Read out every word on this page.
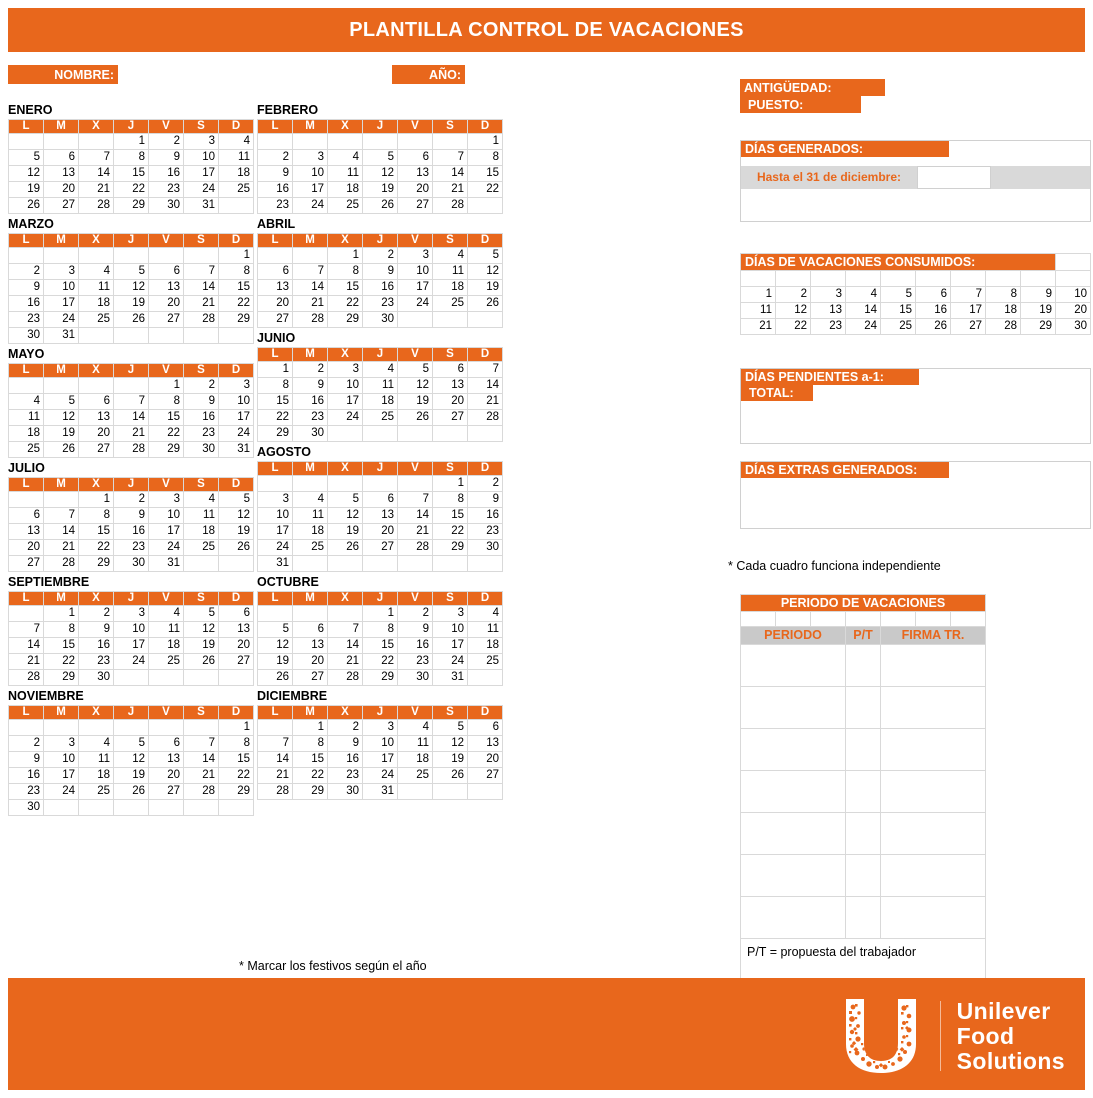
PLANTILLA CONTROL DE VACACIONES
NOMBRE:	AÑO:
ANTIGÜEDAD:
PUESTO:
ENERO
L	M	X	J	V	S	D
			1	2	3	4
5	6	7	8	9	10	11
12	13	14	15	16	17	18
19	20	21	22	23	24	25
26	27	28	29	30	31	
MARZO
L	M	X	J	V	S	D
						1
2	3	4	5	6	7	8
9	10	11	12	13	14	15
16	17	18	19	20	21	22
23	24	25	26	27	28	29
30	31					
MAYO
L	M	X	J	V	S	D
				1	2	3
4	5	6	7	8	9	10
11	12	13	14	15	16	17
18	19	20	21	22	23	24
25	26	27	28	29	30	31
JULIO
L	M	X	J	V	S	D
		1	2	3	4	5
6	7	8	9	10	11	12
13	14	15	16	17	18	19
20	21	22	23	24	25	26
27	28	29	30	31		
SEPTIEMBRE
L	M	X	J	V	S	D
	1	2	3	4	5	6
7	8	9	10	11	12	13
14	15	16	17	18	19	20
21	22	23	24	25	26	27
28	29	30				
NOVIEMBRE
L	M	X	J	V	S	D
						1
2	3	4	5	6	7	8
9	10	11	12	13	14	15
16	17	18	19	20	21	22
23	24	25	26	27	28	29
30						
FEBRERO
L	M	X	J	V	S	D
						1
2	3	4	5	6	7	8
9	10	11	12	13	14	15
16	17	18	19	20	21	22
23	24	25	26	27	28	
ABRIL
L	M	X	J	V	S	D
		1	2	3	4	5
6	7	8	9	10	11	12
13	14	15	16	17	18	19
20	21	22	23	24	25	26
27	28	29	30			
JUNIO
L	M	X	J	V	S	D
1	2	3	4	5	6	7
8	9	10	11	12	13	14
15	16	17	18	19	20	21
22	23	24	25	26	27	28
29	30					
AGOSTO
L	M	X	J	V	S	D
					1	2
3	4	5	6	7	8	9
10	11	12	13	14	15	16
17	18	19	20	21	22	23
24	25	26	27	28	29	30
31						
OCTUBRE
L	M	X	J	V	S	D
			1	2	3	4
5	6	7	8	9	10	11
12	13	14	15	16	17	18
19	20	21	22	23	24	25
26	27	28	29	30	31	
DICIEMBRE
L	M	X	J	V	S	D
	1	2	3	4	5	6
7	8	9	10	11	12	13
14	15	16	17	18	19	20
21	22	23	24	25	26	27
28	29	30	31			
DÍAS GENERADOS:
Hasta el 31 de diciembre:
DÍAS DE VACACIONES CONSUMIDOS:									

1	2	3	4	5	6	7	8	9	10
11	12	13	14	15	16	17	18	19	20
21	22	23	24	25	26	27	28	29	30
DÍAS PENDIENTES a-1:
TOTAL:
DÍAS EXTRAS GENERADOS:
* Cada cuadro funciona independiente
* Marcar los festivos según el año
PERIODO DE VACACIONES						

PERIODO			P/T	FIRMA TR.		

P/T = propuesta del trabajador						
Unilever
Food
Solutions
